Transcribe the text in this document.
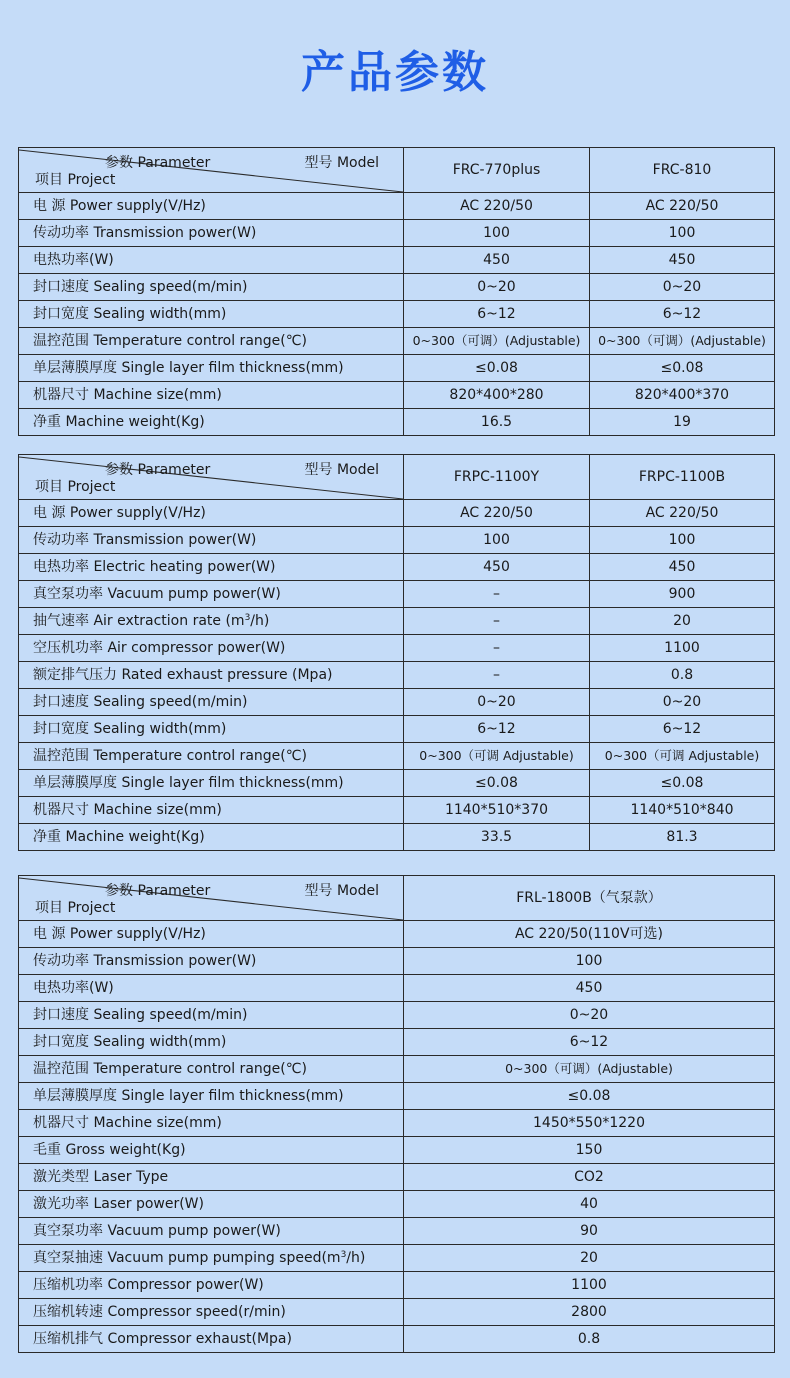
产品参数
参数 Parameter 型号 Model
项目 Project	FRC-770plus	FRC-810
电 源 Power supply(V/Hz)	AC 220/50	AC 220/50
传动功率 Transmission power(W)	100	100
电热功率(W)	450	450
封口速度 Sealing speed(m/min)	0~20	0~20
封口宽度 Sealing width(mm)	6~12	6~12
温控范围 Temperature control range(℃)	0~300（可调）(Adjustable)	0~300（可调）(Adjustable)
单层薄膜厚度 Single layer film thickness(mm)	≤0.08	≤0.08
机器尺寸 Machine size(mm)	820*400*280	820*400*370
净重 Machine weight(Kg)	16.5	19
参数 Parameter 型号 Model
项目 Project	FRPC-1100Y	FRPC-1100B
电 源 Power supply(V/Hz)	AC 220/50	AC 220/50
传动功率 Transmission power(W)	100	100
电热功率 Electric heating power(W)	450	450
真空泵功率 Vacuum pump power(W)	–	900
抽气速率 Air extraction rate $(m^3/h)$	–	20
空压机功率 Air compressor power(W)	–	1100
额定排气压力 Rated exhaust pressure (Mpa)	–	0.8
封口速度 Sealing speed(m/min)	0~20	0~20
封口宽度 Sealing width(mm)	6~12	6~12
温控范围 Temperature control range(℃)	0~300（可调 Adjustable)	0~300（可调 Adjustable)
单层薄膜厚度 Single layer film thickness(mm)	≤0.08	≤0.08
机器尺寸 Machine size(mm)	1140*510*370	1140*510*840
净重 Machine weight(Kg)	33.5	81.3
参数 Parameter 型号 Model
项目 Project	FRL-1800B（气泵款）
电 源 Power supply(V/Hz)	AC 220/50(110V可选)
传动功率 Transmission power(W)	100
电热功率(W)	450
封口速度 Sealing speed(m/min)	0~20
封口宽度 Sealing width(mm)	6~12
温控范围 Temperature control range(℃)	0~300（可调）(Adjustable)
单层薄膜厚度 Single layer film thickness(mm)	≤0.08
机器尺寸 Machine size(mm)	1450*550*1220
毛重 Gross weight(Kg)	150
激光类型 Laser Type	CO2
激光功率 Laser power(W)	40
真空泵功率 Vacuum pump power(W)	90
真空泵抽速 Vacuum pump pumping $speed(m^3/h)$	20
压缩机功率 Compressor power(W)	1100
压缩机转速 Compressor speed(r/min)	2800
压缩机排气 Compressor exhaust(Mpa)	0.8
